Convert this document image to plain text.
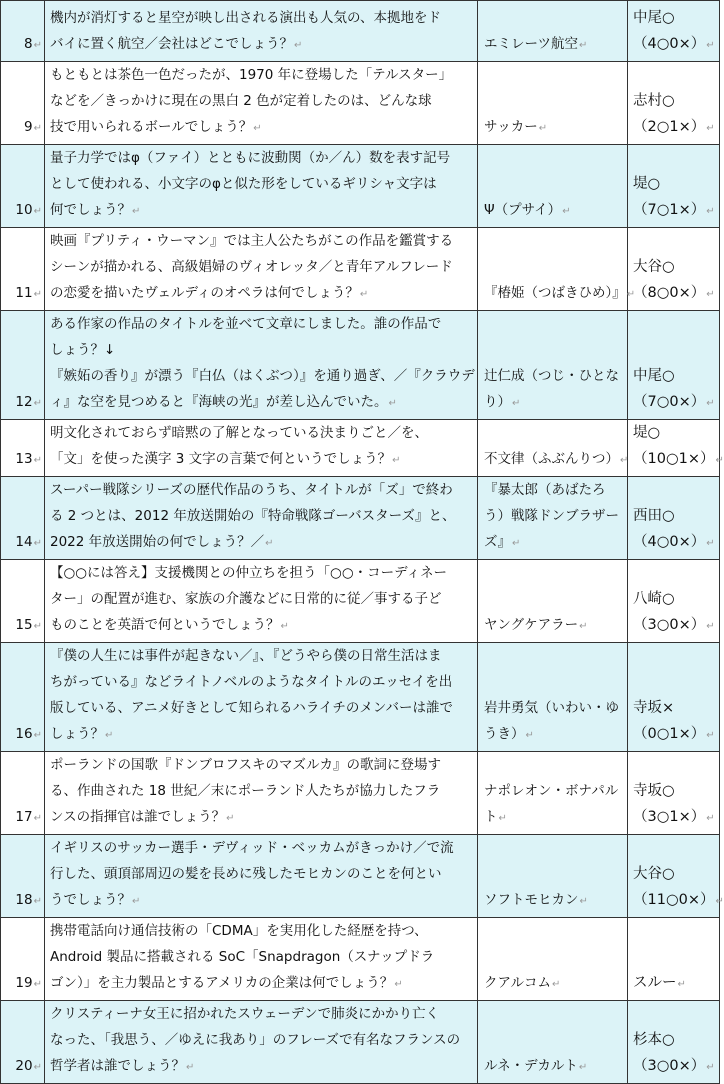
8↵	機内が消灯すると星空が映し出される演出も人気の、本拠地をド
バイに置く航空／会社はどこでしょう？↵	エミレーツ航空↵	中尾○
（4○0×）↵

9↵	もともとは茶色一色だったが、1970 年に登場した「テルスター」
などを／きっかけに現在の黒白 2 色が定着したのは、どんな球
技で用いられるボールでしょう？↵	サッカー↵	志村○
（2○1×）↵

10↵	量子力学ではφ（ファイ）とともに波動関（か／ん）数を表す記号
として使われる、小文字のφと似た形をしているギリシャ文字は
何でしょう？↵	Ψ（プサイ）↵	堤○
（7○1×）↵

11↵	映画『プリティ・ウーマン』では主人公たちがこの作品を鑑賞する
シーンが描かれる、高級娼婦のヴィオレッタ／と青年アルフレード
の恋愛を描いたヴェルディのオペラは何でしょう？↵	『椿姫（つばきひめ）』↵	大谷○
（8○0×）↵

12↵	ある作家の作品のタイトルを並べて文章にしました。誰の作品で
しょう？↓
『嫉妬の香り』が漂う『白仏（はくぶつ）』を通り過ぎ、／『クラウデ
ィ』な空を見つめると『海峡の光』が差し込んでいた。↵	辻仁成（つじ・ひとな
り）↵	中尾○
（7○0×）↵

13↵	明文化されておらず暗黙の了解となっている決まりごと／を、
「文」を使った漢字 3 文字の言葉で何というでしょう？↵	不文律（ふぶんりつ）↵	堤○
（10○1×）↵

14↵	スーパー戦隊シリーズの歴代作品のうち、タイトルが「ズ」で終わ
る 2 つとは、2012 年放送開始の『特命戦隊ゴーバスターズ』と、
2022 年放送開始の何でしょう？／↵	『暴太郎（あばたろ
う）戦隊ドンブラザー
ズ』↵	西田○
（4○0×）↵

15↵	【○○には答え】支援機関との仲立ちを担う「○○・コーディネー
ター」の配置が進む、家族の介護などに日常的に従／事する子ど
ものことを英語で何というでしょう？↵	ヤングケアラー↵	八崎○
（3○0×）↵

16↵	『僕の人生には事件が起きない／』、『どうやら僕の日常生活はま
ちがっている』などライトノベルのようなタイトルのエッセイを出
版している、アニメ好きとして知られるハライチのメンバーは誰で
しょう？↵	岩井勇気（いわい・ゆ
うき）↵	寺坂×
（0○1×）↵

17↵	ポーランドの国歌『ドンブロフスキのマズルカ』の歌詞に登場す
る、作曲された 18 世紀／末にポーランド人たちが協力したフラ
ンスの指揮官は誰でしょう？↵	ナポレオン・ボナパル
ト↵	寺坂○
（3○1×）↵

18↵	イギリスのサッカー選手・デヴィッド・ベッカムがきっかけ／で流
行した、頭頂部周辺の髪を長めに残したモヒカンのことを何とい
うでしょう？↵	ソフトモヒカン↵	大谷○
（11○0×）↵

19↵	携帯電話向け通信技術の「CDMA」を実用化した経歴を持つ、
Android 製品に搭載される SoC「Snapdragon（スナップドラ
ゴン）」を主力製品とするアメリカの企業は何でしょう？↵	クアルコム↵	スルー↵

20↵	クリスティーナ女王に招かれたスウェーデンで肺炎にかかり亡く
なった、「我思う、／ゆえに我あり」のフレーズで有名なフランスの
哲学者は誰でしょう？↵	ルネ・デカルト↵	杉本○
（3○0×）↵
